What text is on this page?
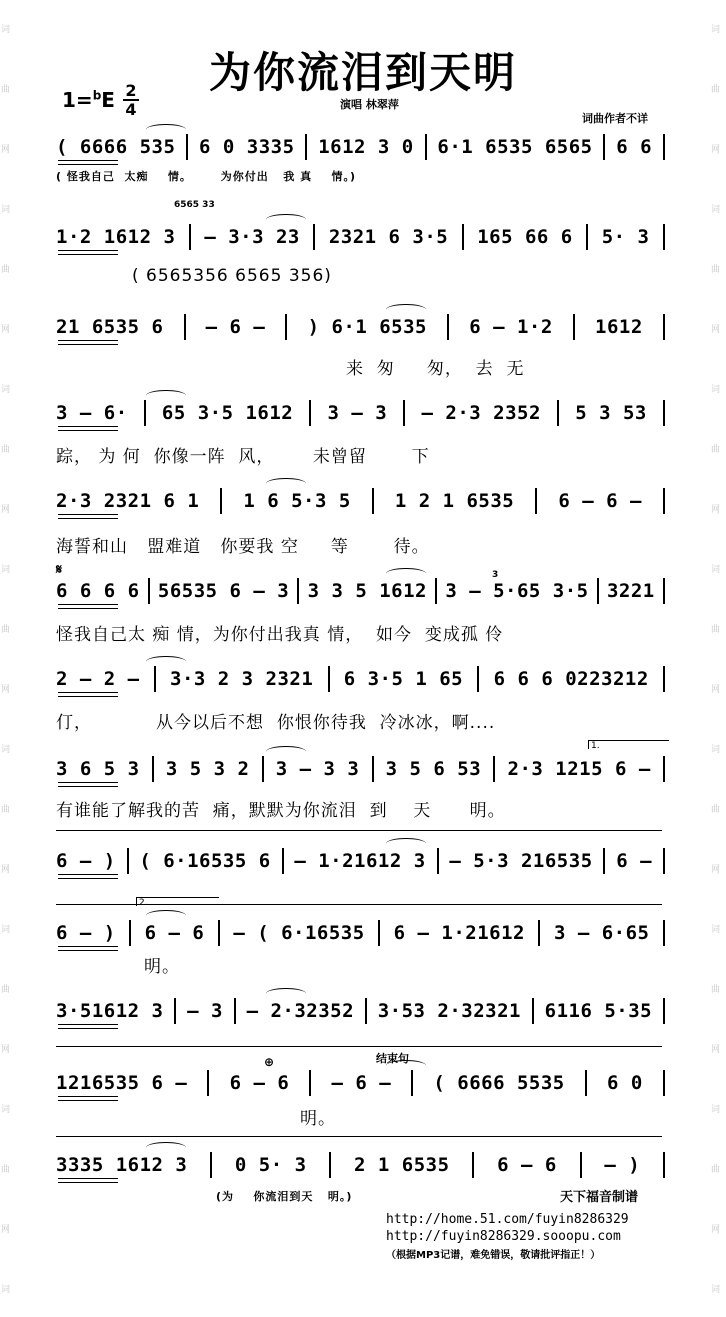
词
曲
网
词
曲
网
词
曲
网
词
曲
网
词
曲
网
词
曲
网
词
曲
网
词
词
曲
网
词
曲
网
词
曲
网
词
曲
网
词
曲
网
词
曲
网
词
曲
网
词
为你流泪到天明
1=$^b$E 2
4	演唱 林翠萍
词曲作者不详
( 6666 535 6 0 3335 1612 3 0 6·1 6535 6565 6 6
( 怪我自己  太痴    情。      为你付出   我 真    情。)
1·2 1612 3 – 3·3 23 2321 6 3·5 165 66 6 5· 3
6565 33
( 6565356 6565 356)
21 6535 6 – 6 – ) 6·1 6535 6 – 1·2 1612
来  匆     匆，  去  无
3 – 6· 65 3·5 1612 3 – 3 – 2·3 2352 5 3 53
踪， 为 何  你像一阵  风，      未曾留       下
2·3 2321 6 1 1 6 5·3 5 1 2 1 6535 6 – 6 –
海誓和山   盟难道   你要我 空     等       待。
6 6 6 6 56535 6 – 3 3 3 5 1612 3 – 5·65 3·5 3221
怪我自己太 痴 情，为你付出我真 情，  如今  变成孤 伶
2 – 2 – 3·3 2 3 2321 6 3·5 1 65 6 6 6 0223212
仃，          从今以后不想  你恨你待我  冷冰冰，啊....
3 6 5 3 3 5 3 2 3 – 3 3 3 5 6 53 2·3 1215 6 –
有谁能了解我的苦  痛，默默为你流泪  到    天      明。
6 – ) ( 6·16535 6 – 1·21612 3 – 5·3 216535 6 –
6 – ) 6 – 6 – ( 6·16535 6 – 1·21612 3 – 6·65
明。
3·51612 3 – 3 – 2·32352 3·53 2·32321 6116 5·35
1216535 6 – 6 – 6 – 6 – ( 6666 5535 6 0
结束句
明。
3335 1612 3	0 5· 3	2 1 6535	6 – 6	– )
(为    你流泪到天   明。)
𝄋
1.
2.
3
⊕
天下福音制谱
http://home.51.com/fuyin8286329
http://fuyin8286329.sooopu.com
（根据MP3记谱，难免错误，敬请批评指正！）
